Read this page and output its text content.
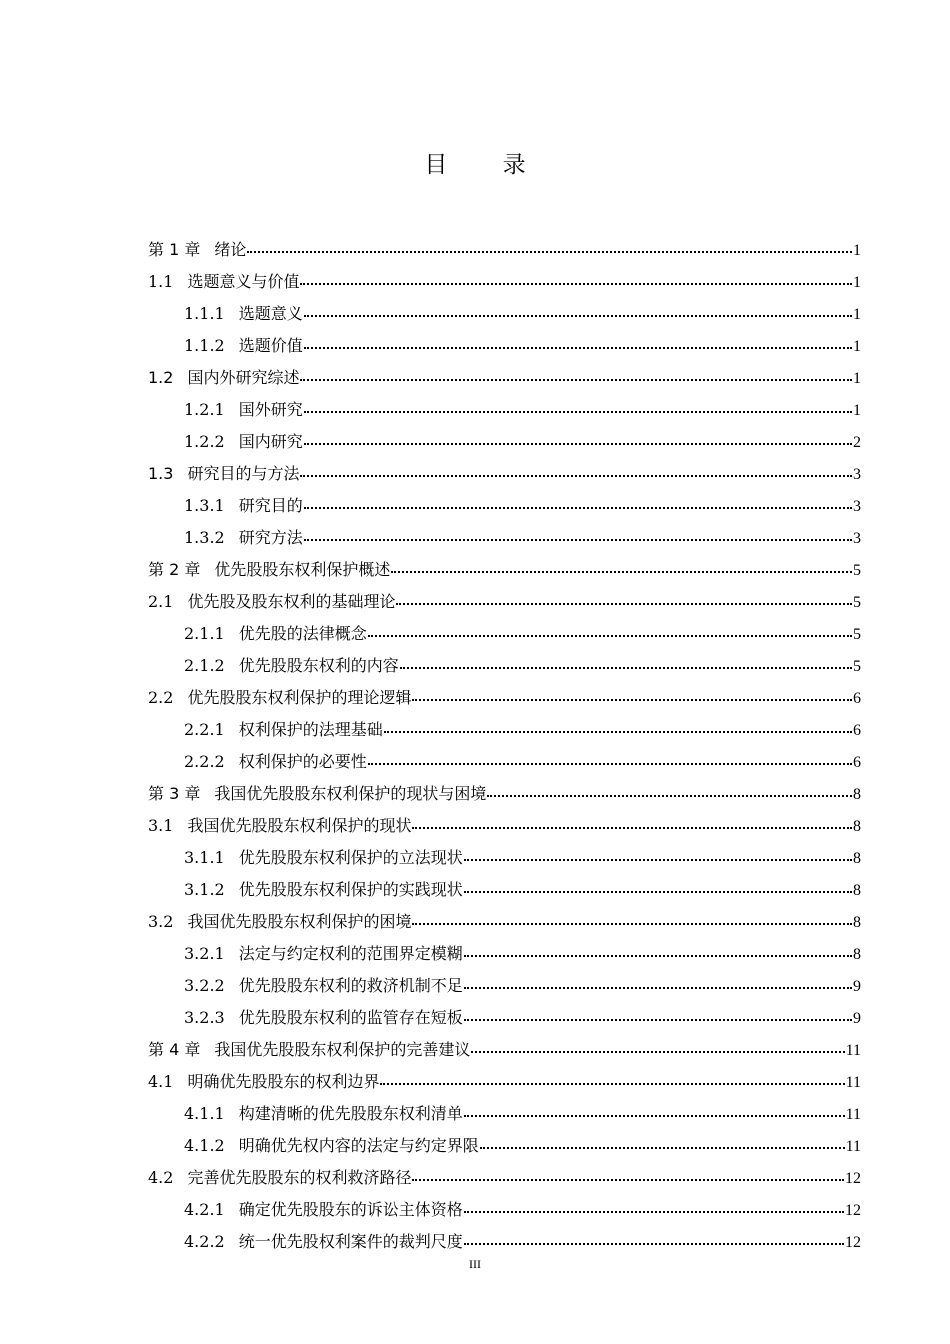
目 录
第 1 章 绪论	1
1.1 选题意义与价值	1
1.1.1 选题意义	1
1.1.2 选题价值	1
1.2 国内外研究综述	1
1.2.1 国外研究	1
1.2.2 国内研究	2
1.3 研究目的与方法	3
1.3.1 研究目的	3
1.3.2 研究方法	3
第 2 章 优先股股东权利保护概述	5
2.1 优先股及股东权利的基础理论	5
2.1.1 优先股的法律概念	5
2.1.2 优先股股东权利的内容	5
2.2 优先股股东权利保护的理论逻辑	6
2.2.1 权利保护的法理基础	6
2.2.2 权利保护的必要性	6
第 3 章 我国优先股股东权利保护的现状与困境	8
3.1 我国优先股股东权利保护的现状	8
3.1.1 优先股股东权利保护的立法现状	8
3.1.2 优先股股东权利保护的实践现状	8
3.2 我国优先股股东权利保护的困境	8
3.2.1 法定与约定权利的范围界定模糊	8
3.2.2 优先股股东权利的救济机制不足	9
3.2.3 优先股股东权利的监管存在短板	9
第 4 章 我国优先股股东权利保护的完善建议	11
4.1 明确优先股股东的权利边界	11
4.1.1 构建清晰的优先股股东权利清单	11
4.1.2 明确优先权内容的法定与约定界限	11
4.2 完善优先股股东的权利救济路径	12
4.2.1 确定优先股股东的诉讼主体资格	12
4.2.2 统一优先股权利案件的裁判尺度	12
III
